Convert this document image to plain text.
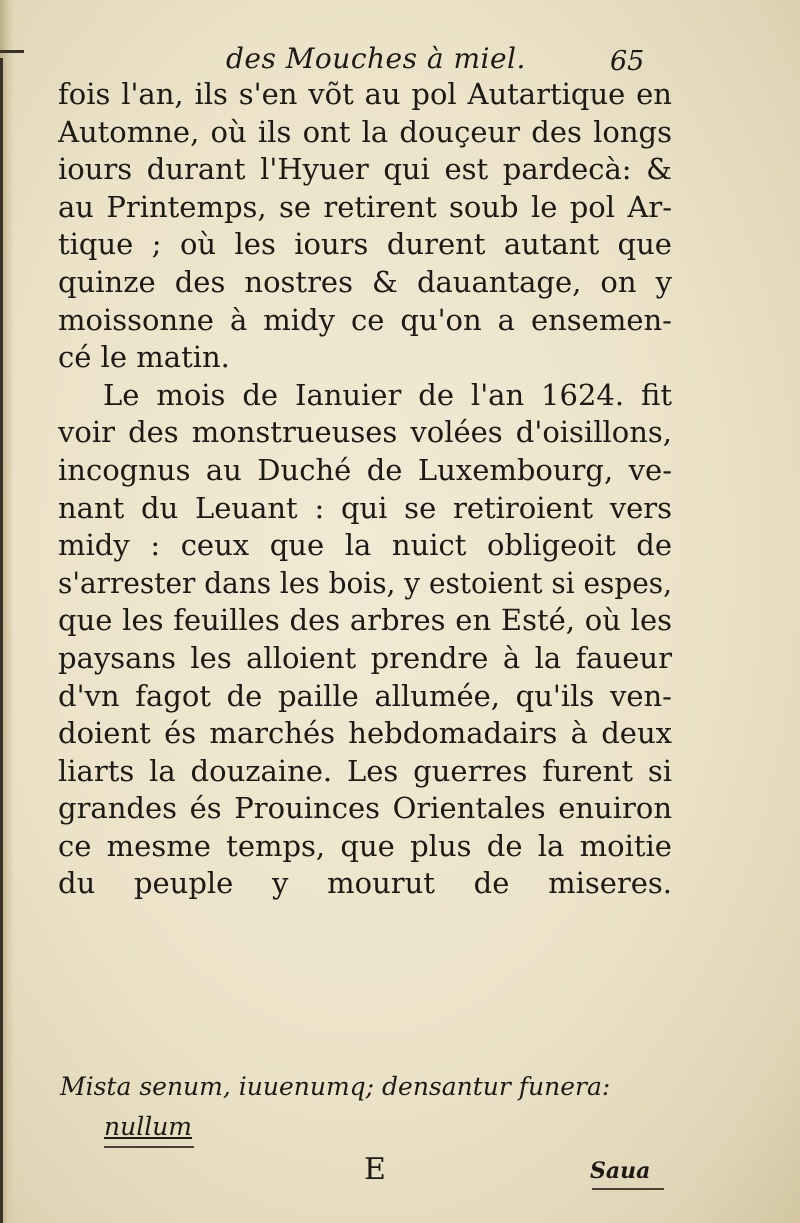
des Mouches à miel.	65
fois l'an, ils s'en võt au pol Autartique en
Automne, où ils ont la douçeur des longs
iours durant l'Hyuer qui est pardecà: &
au Printemps, se retirent soub le pol Ar-
tique ; où les iours durent autant que
quinze des nostres & dauantage, on y
moissonne à midy ce qu'on a ensemen-
cé le matin.
Le mois de Ianuier de l'an 1624. fit
voir des monstrueuses volées d'oisillons,
incognus au Duché de Luxembourg, ve-
nant du Leuant : qui se retiroient vers
midy : ceux que la nuict obligeoit de
s'arrester dans les bois, y estoient si espes,
que les feuilles des arbres en Esté, où les
paysans les alloient prendre à la faueur
d'vn fagot de paille allumée, qu'ils ven-
doient és marchés hebdomadairs à deux
liarts la douzaine. Les guerres furent si
grandes és Prouinces Orientales enuiron
ce mesme temps, que plus de la moitie
du peuple y mourut de miseres.
Mista senum, iuuenumq; densantur funera:
nullum
E	Saua
